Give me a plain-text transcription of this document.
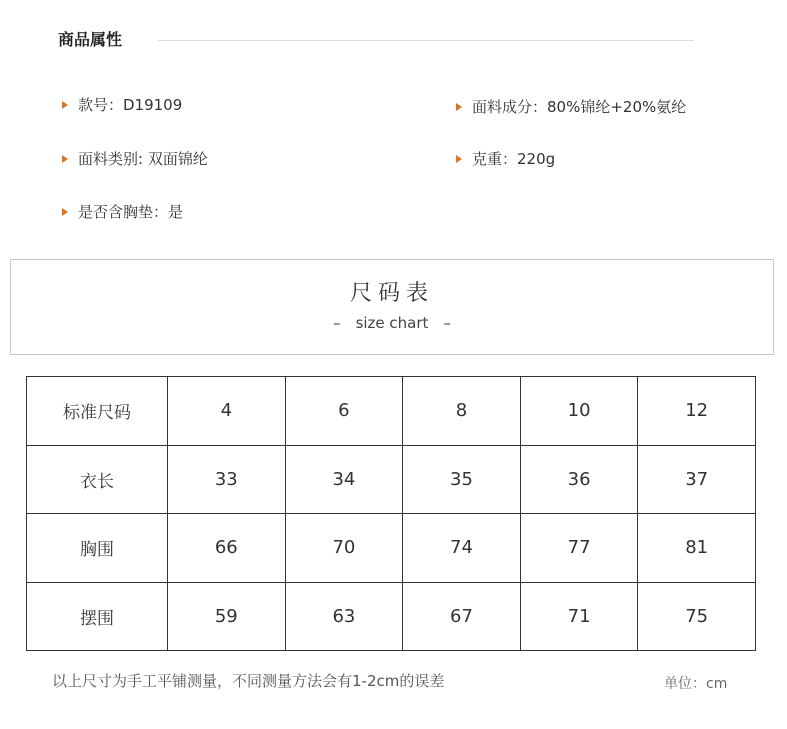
商品属性
款号：D19109	面料成分：80%锦纶+20%氨纶
面料类别: 双面锦纶	克重：220g
是否含胸垫：是
尺码表
–　size chart　–
标准尺码	4	6	8	10	12
衣长	33	34	35	36	37
胸围	66	70	74	77	81
摆围	59	63	67	71	75
以上尺寸为手工平铺测量，不同测量方法会有1-2cm的误差	单位：cm
